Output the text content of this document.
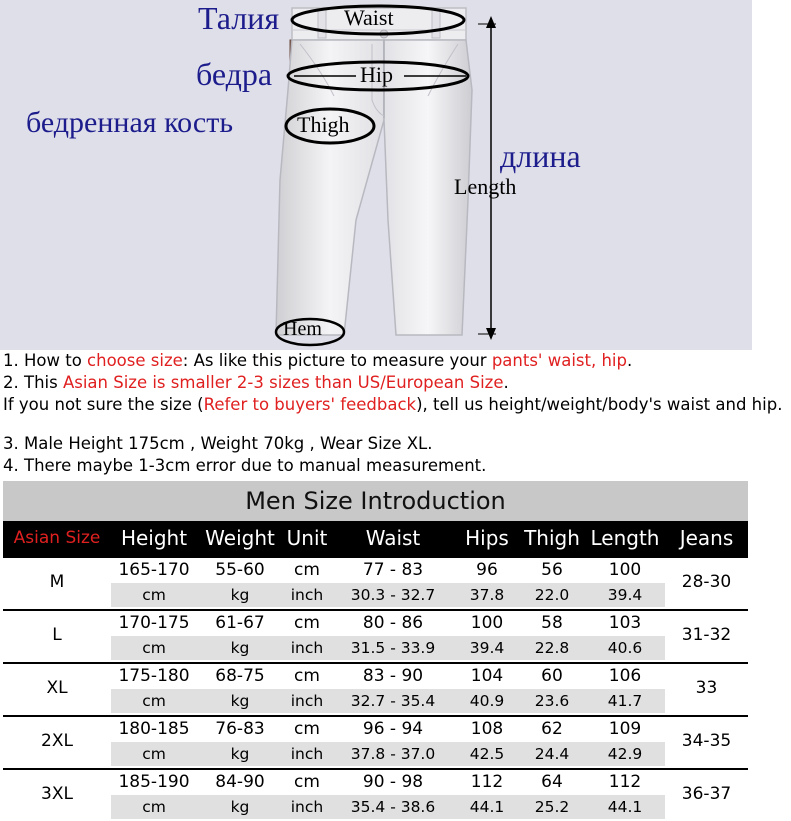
Талия
бедра
бедренная кость
длина
Waist
Hip
Thigh
Length
Hem
1. How to choose size: As like this picture to measure your pants' waist, hip.
2. This Asian Size is smaller 2-3 sizes than US/European Size.
If you not sure the size (Refer to buyers' feedback), tell us height/weight/body's waist and hip.
3. Male Height 175cm , Weight 70kg , Wear Size XL.
4. There maybe 1-3cm error due to manual measurement.
Men Size Introduction
Asian Size	Height Weight Unit	Waist	Hips Thigh Length	Jeans
M
165-170	55-60	cm	77 - 83	96	56	100
cm	kg	inch	30.3 - 32.7	37.8	22.0	39.4
28-30
L
170-175	61-67	cm	80 - 86	100	58	103
cm	kg	inch	31.5 - 33.9	39.4	22.8	40.6
31-32
XL
175-180	68-75	cm	83 - 90	104	60	106
cm	kg	inch	32.7 - 35.4	40.9	23.6	41.7
33
2XL
180-185	76-83	cm	96 - 94	108	62	109
cm	kg	inch	37.8 - 37.0	42.5	24.4	42.9
34-35
3XL
185-190	84-90	cm	90 - 98	112	64	112
cm	kg	inch	35.4 - 38.6	44.1	25.2	44.1
36-37
